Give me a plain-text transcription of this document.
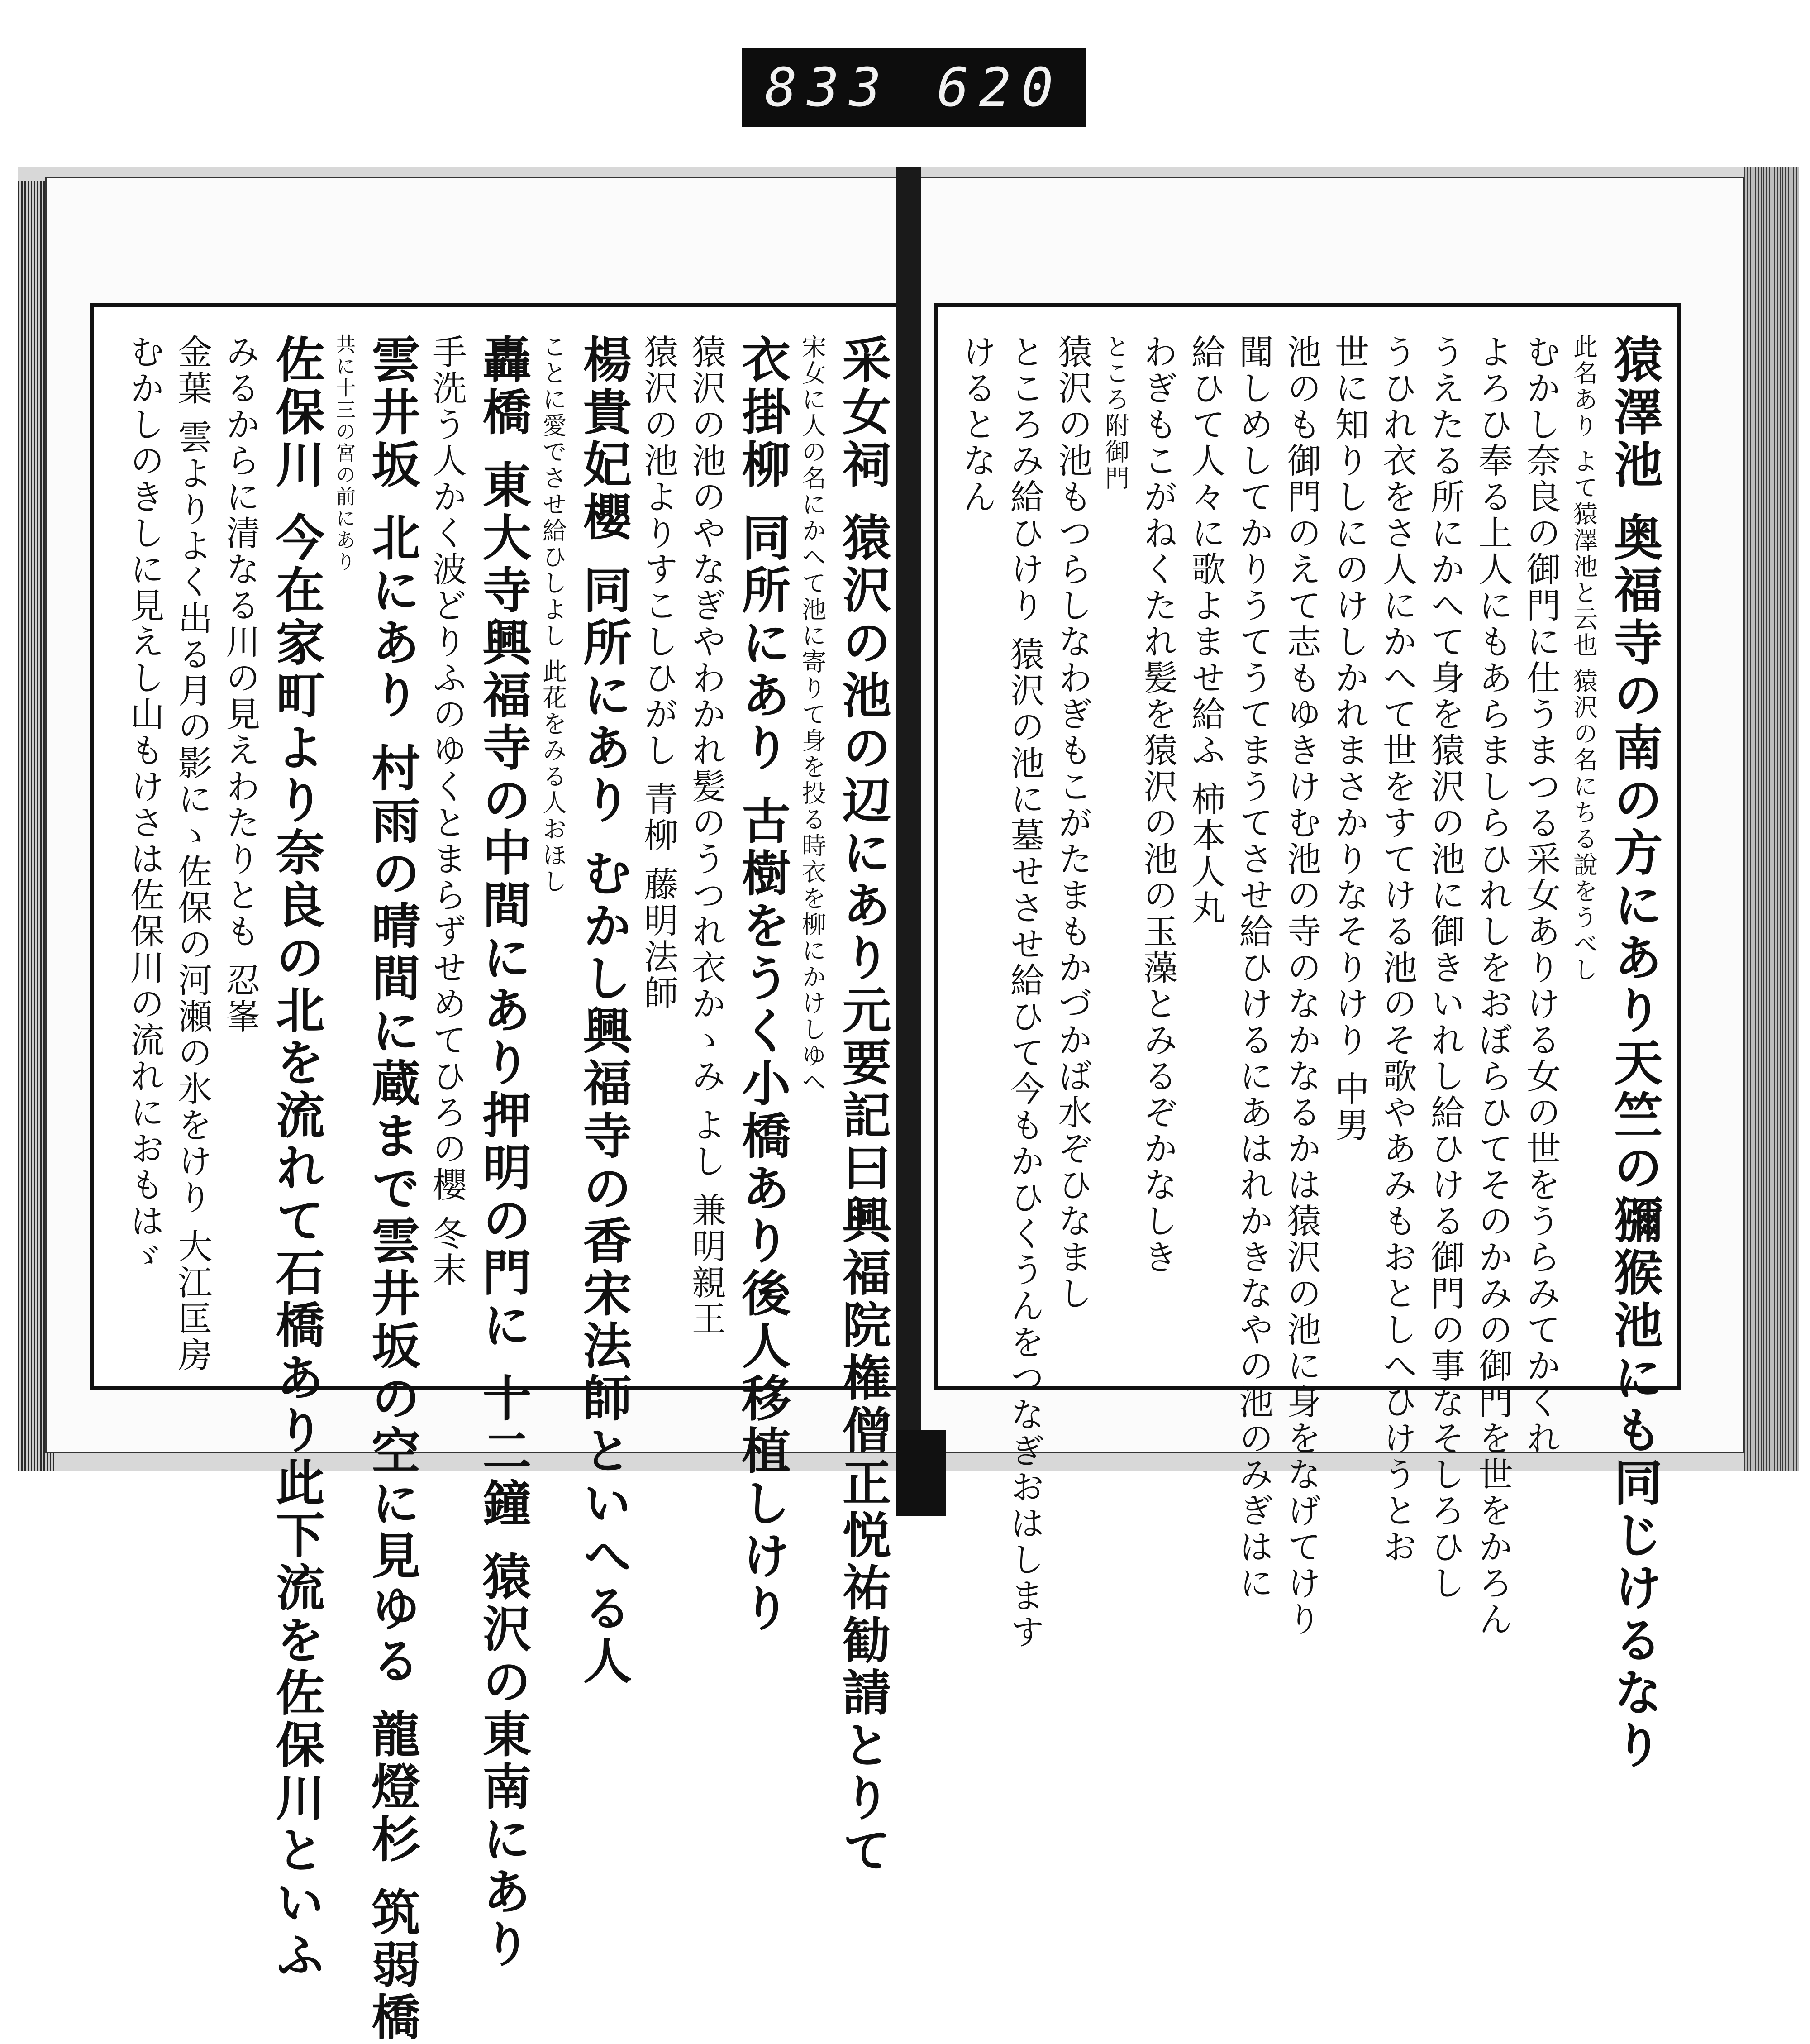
833 620
采女祠 猿沢の池の辺にあり元要記曰興福院権僧正悦祐勧請とりて
宋女に人の名にかへて池に寄りて身を投る時衣を柳にかけしゆへ
衣掛柳 同所にあり 古樹をうく小橋あり後人移植しけり
猿沢の池のやなぎやわかれ髪のうつれ衣かゝみ よし 兼明親王
猿沢の池よりすこしひがし 青柳 藤明法師
楊貴妃櫻 同所にあり むかし興福寺の香宋法師といへる人
ことに愛でさせ給ひしよし 此花をみる人おほし
轟橋 東大寺興福寺の中間にあり押明の門に 十二鐘 猿沢の東南にあり
手洗う人かく波どりふのゆくとまらずせめてひろの櫻 冬末
雲井坂 北にあり 村雨の晴間に蔵まで雲井坂の空に見ゆる 龍燈杉 筑弱橋
共に十三の宮の前にあり
佐保川 今在家町より奈良の北を流れて石橋あり此下流を佐保川といふ
みるからに清なる川の見えわたりとも 忍峯
金葉 雲よりよく出る月の影にゝ佐保の河瀬の氷をけり 大江匡房
むかしのきしに見えし山もけさは佐保川の流れにおもはゞ	猿澤池 奥福寺の南の方にあり天竺の獼猴池にも同じけるなり
此名あり よて猿澤池と云也 猿沢の名にちる說をうべし
むかし奈良の御門に仕うまつる采女ありける女の世をうらみてかくれ
よろひ奉る上人にもあらましらひれしをおぼらひてそのかみの御門を世をかろん
うえたる所にかへて身を猿沢の池に御きいれし給ひける御門の事なそしろひし
うひれ衣をさ人にかへて世をすてける池のそ歌やあみもおとしへひけうとお
世に知りしにのけしかれまさかりなそりけり 中男
池のも御門のえて志もゆきけむ池の寺のなかなるかは猿沢の池に身をなげてけり
聞しめしてかりうてうてまうてさせ給ひけるにあはれかきなやの池のみぎはに
給ひて人々に歌よませ給ふ 柿本人丸
わぎもこがねくたれ髪を猿沢の池の玉藻とみるぞかなしき
ところ附御門
猿沢の池もつらしなわぎもこがたまもかづかば水ぞひなまし
ところみ給ひけり 猿沢の池に墓せさせ給ひて今もかひくうんをつなぎおはします
けるとなん
